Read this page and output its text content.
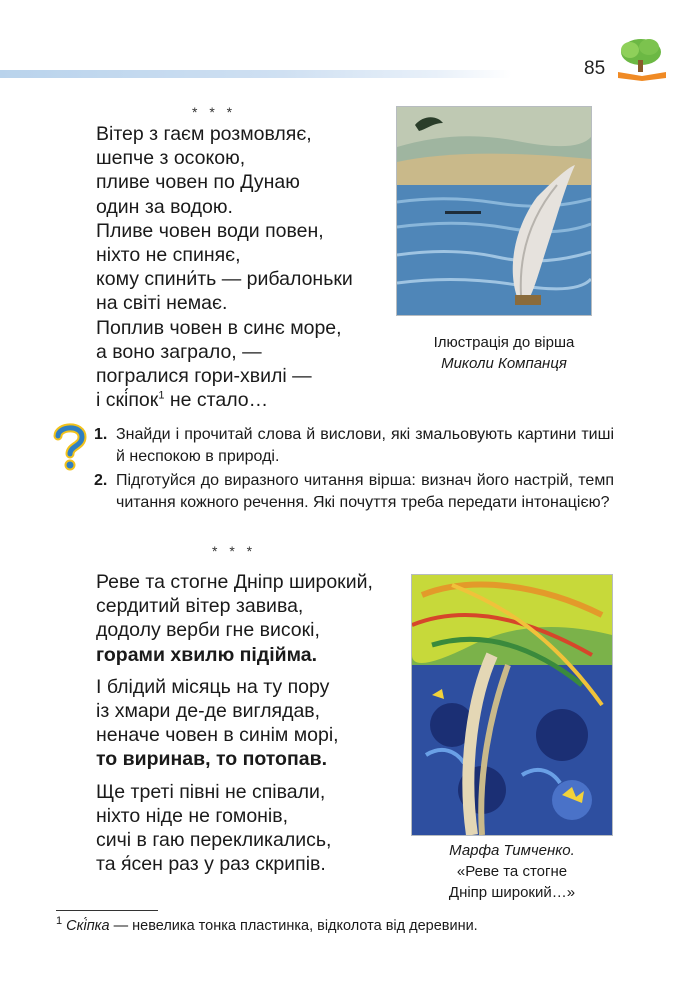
85
* * *
Вітер з гаєм розмовляє,
шепче з осокою,
пливе човен по Дунаю
один за водою.
Пливе човен води повен,
ніхто не спиняє,
кому спини́ть — рибалоньки
на світі немає.
Поплив човен в синє море,
а воно заграло, —
погралися гори-хвилі —
і скі́пок$^1$ не стало…
Ілюстрація до вірша
Миколи Компанця
1. Знайди і прочитай слова й вислови, які змальовують картини тиші й неспокою в природі.
2. Підготуйся до виразного читання вірша: визнач його настрій, темп читання кожного речення. Які почуття треба передати інтонацією?
* * *
Реве та стогне Дніпр широкий,
сердитий вітер завива,
додолу верби гне високі,
горами хвилю підійма.
І блідий місяць на ту пору
із хмари де-де виглядав,
неначе човен в синім морі,
то виринав, то потопав.
Ще треті півні не співали,
ніхто ніде не гомонів,
сичі в гаю перекликались,
та я́сен раз у раз скрипів.
Марфа Тимченко.
«Реве та стогне
Дніпр широкий…»
$^1$ Скі́пка — невелика тонка пластинка, відколота від деревини.
